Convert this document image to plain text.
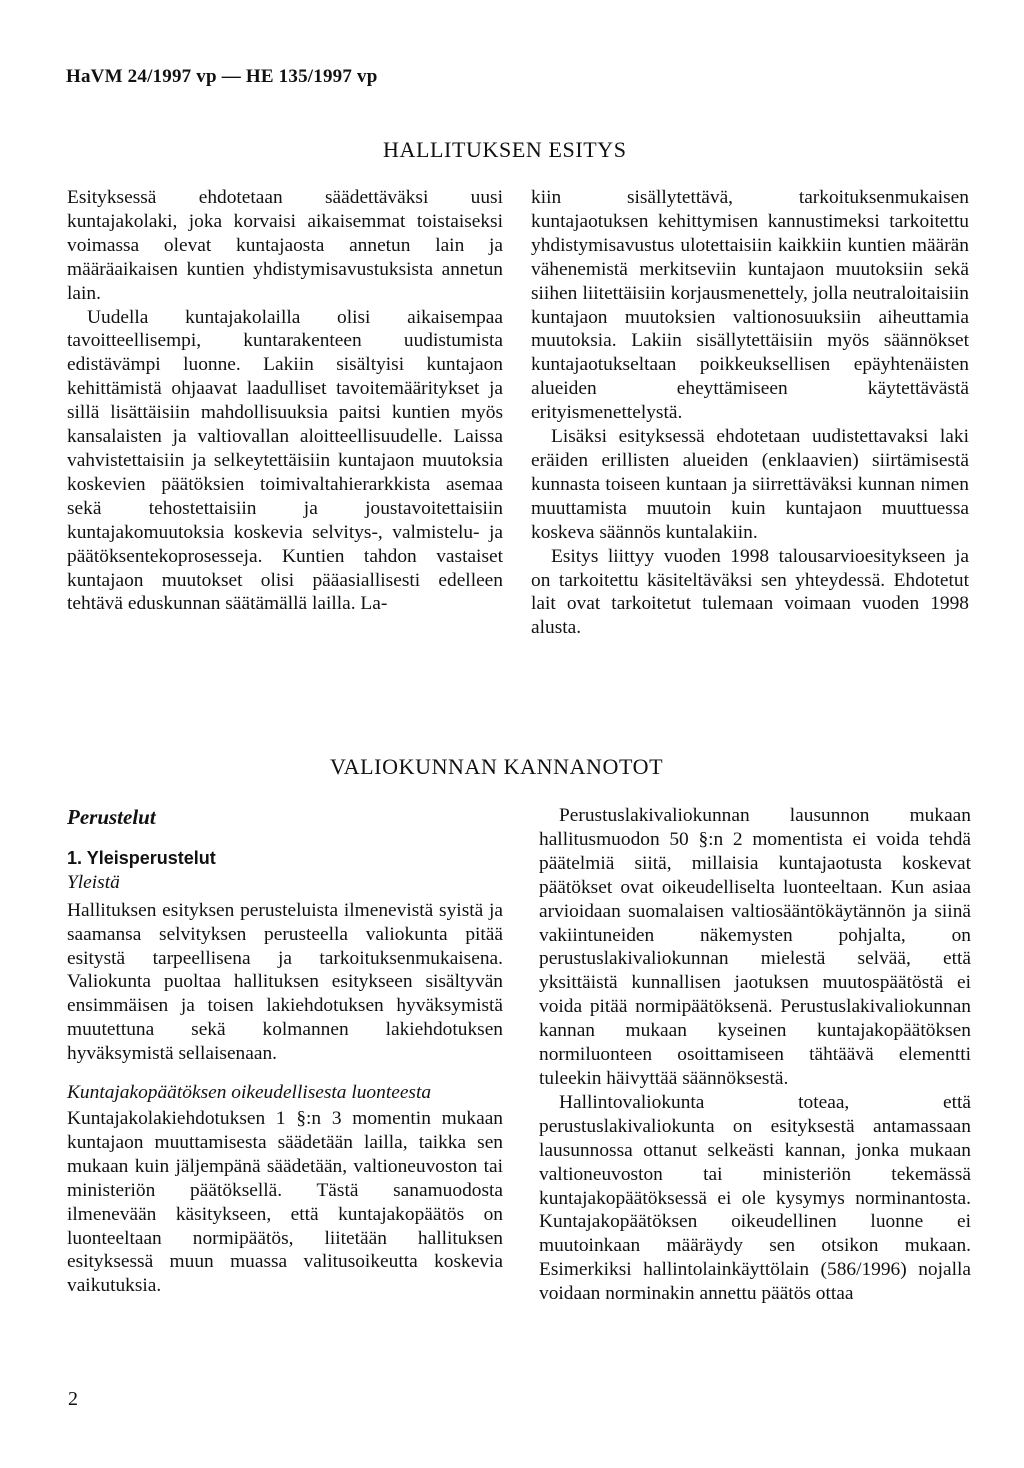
HaVM 24/1997 vp — HE 135/1997 vp
HALLITUKSEN ESITYS

Esityksessä ehdotetaan säädettäväksi uusi kuntajakolaki, joka korvaisi aikaisemmat toistaiseksi voimassa olevat kuntajaosta annetun lain ja määräaikaisen kuntien yhdistymisavustuksista annetun lain.

Uudella kuntajakolailla olisi aikaisempaa tavoitteellisempi, kuntarakenteen uudistumista edistävämpi luonne. Lakiin sisältyisi kuntajaon kehittämistä ohjaavat laadulliset tavoitemääritykset ja sillä lisättäisiin mahdollisuuksia paitsi kuntien myös kansalaisten ja valtiovallan aloitteellisuudelle. Laissa vahvistettaisiin ja selkeytettäisiin kuntajaon muutoksia koskevien päätöksien toimivaltahierarkkista asemaa sekä tehostettaisiin ja joustavoitettaisiin kuntajakomuutoksia koskevia selvitys-, valmistelu- ja päätöksentekoprosesseja. Kuntien tahdon vastaiset kuntajaon muutokset olisi pääasiallisesti edelleen tehtävä eduskunnan säätämällä lailla. La-

kiin sisällytettävä, tarkoituksenmukaisen kuntajaotuksen kehittymisen kannustimeksi tarkoitettu yhdistymisavustus ulotettaisiin kaikkiin kuntien määrän vähenemistä merkitseviin kuntajaon muutoksiin sekä siihen liitettäisiin korjausmenettely, jolla neutraloitaisiin kuntajaon muutoksien valtionosuuksiin aiheuttamia muutoksia. Lakiin sisällytettäisiin myös säännökset kuntajaotukseltaan poikkeuksellisen epäyhtenäisten alueiden eheyttämiseen käytettävästä erityismenettelystä.

Lisäksi esityksessä ehdotetaan uudistettavaksi laki eräiden erillisten alueiden (enklaavien) siirtämisestä kunnasta toiseen kuntaan ja siirrettäväksi kunnan nimen muuttamista muutoin kuin kuntajaon muuttuessa koskeva säännös kuntalakiin.

Esitys liittyy vuoden 1998 talousarvioesitykseen ja on tarkoitettu käsiteltäväksi sen yhteydessä. Ehdotetut lait ovat tarkoitetut tulemaan voimaan vuoden 1998 alusta.

VALIOKUNNAN KANNANOTOT

Perustelut

1. Yleisperustelut

Yleistä

Hallituksen esityksen perusteluista ilmenevistä syistä ja saamansa selvityksen perusteella valiokunta pitää esitystä tarpeellisena ja tarkoituksenmukaisena. Valiokunta puoltaa hallituksen esitykseen sisältyvän ensimmäisen ja toisen lakiehdotuksen hyväksymistä muutettuna sekä kolmannen lakiehdotuksen hyväksymistä sellaisenaan.

Kuntajakopäätöksen oikeudellisesta luonteesta

Kuntajakolakiehdotuksen 1 §:n 3 momentin mukaan kuntajaon muuttamisesta säädetään lailla, taikka sen mukaan kuin jäljempänä säädetään, valtioneuvoston tai ministeriön päätöksellä. Tästä sanamuodosta ilmenevään käsitykseen, että kuntajakopäätös on luonteeltaan normipäätös, liitetään hallituksen esityksessä muun muassa valitusoikeutta koskevia vaikutuksia.

Perustuslakivaliokunnan lausunnon mukaan hallitusmuodon 50 §:n 2 momentista ei voida tehdä päätelmiä siitä, millaisia kuntajaotusta koskevat päätökset ovat oikeudelliselta luonteeltaan. Kun asiaa arvioidaan suomalaisen valtiosääntökäytännön ja siinä vakiintuneiden näkemysten pohjalta, on perustuslakivaliokunnan mielestä selvää, että yksittäistä kunnallisen jaotuksen muutospäätöstä ei voida pitää normipäätöksenä. Perustuslakivaliokunnan kannan mukaan kyseinen kuntajakopäätöksen normiluonteen osoittamiseen tähtäävä elementti tuleekin häivyttää säännöksestä.

Hallintovaliokunta toteaa, että perustuslakivaliokunta on esityksestä antamassaan lausunnossa ottanut selkeästi kannan, jonka mukaan valtioneuvoston tai ministeriön tekemässä kuntajakopäätöksessä ei ole kysymys norminantosta. Kuntajakopäätöksen oikeudellinen luonne ei muutoinkaan määräydy sen otsikon mukaan. Esimerkiksi hallintolainkäyttölain (586/1996) nojalla voidaan norminakin annettu päätös ottaa

2
